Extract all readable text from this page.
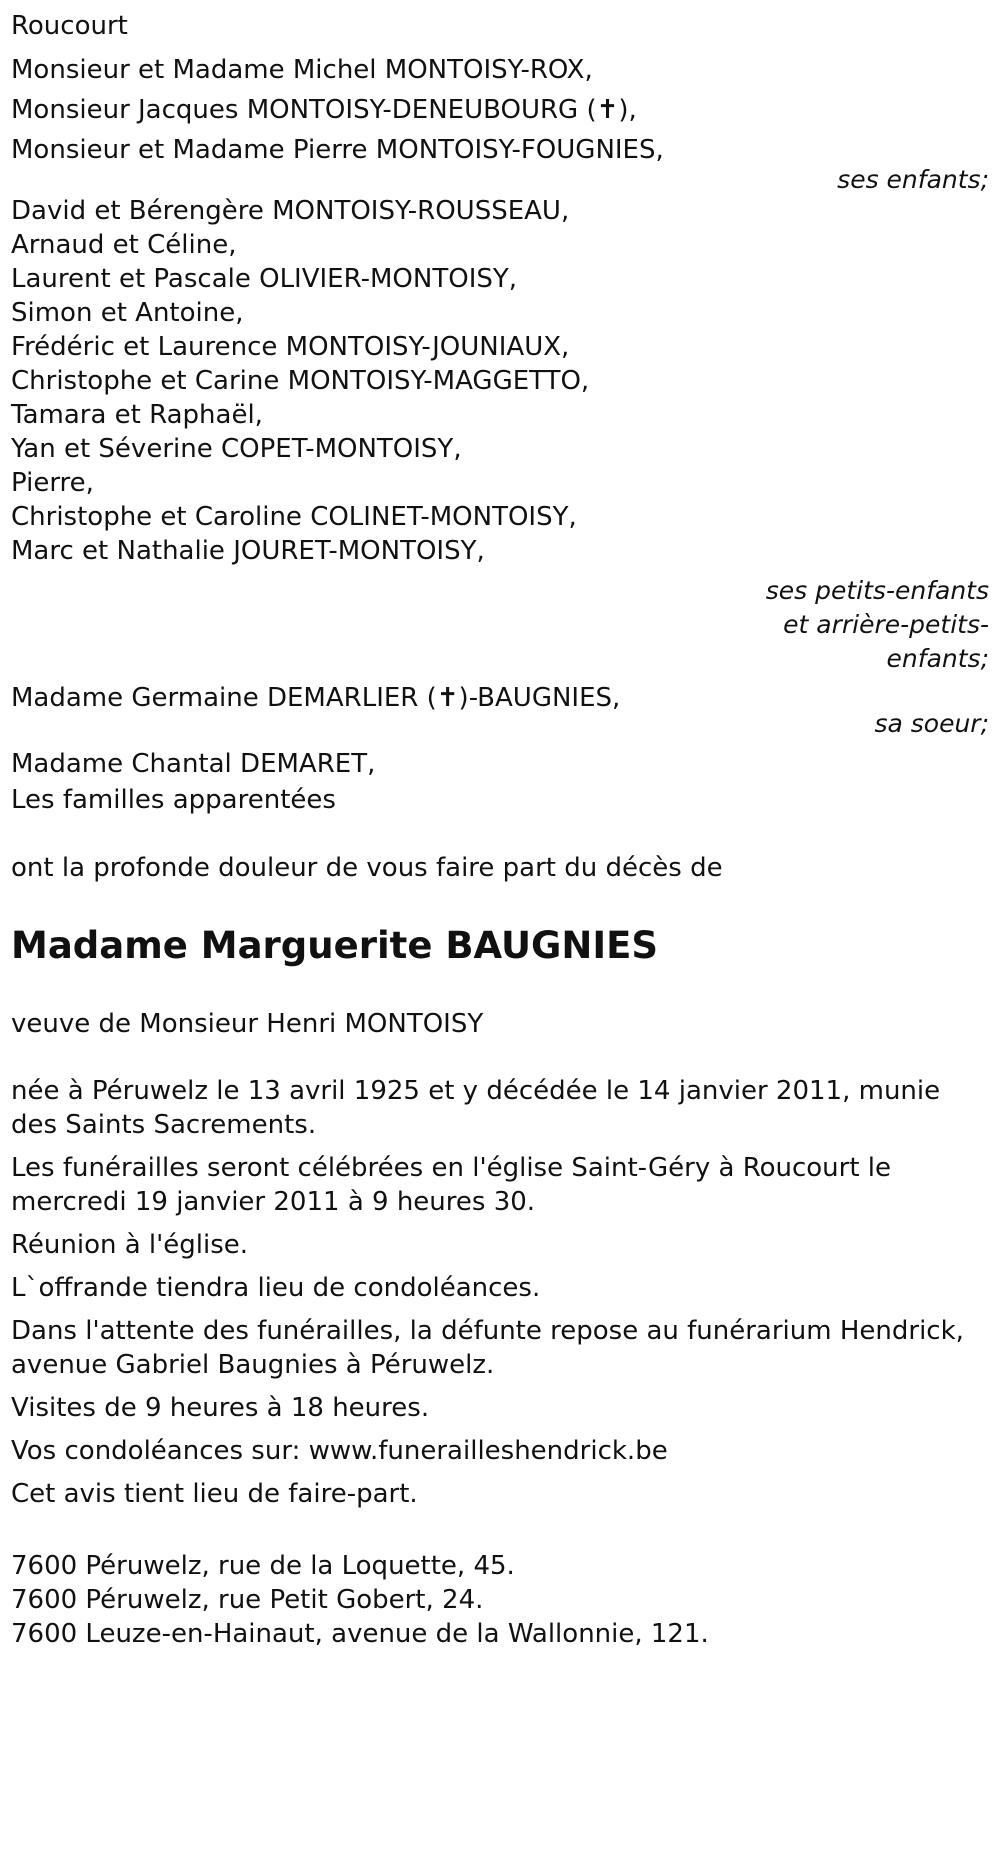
Roucourt
Monsieur et Madame Michel MONTOISY-ROX,
Monsieur Jacques MONTOISY-DENEUBOURG (✝),
Monsieur et Madame Pierre MONTOISY-FOUGNIES,
ses enfants;
David et Bérengère MONTOISY-ROUSSEAU,
Arnaud et Céline,
Laurent et Pascale OLIVIER-MONTOISY,
Simon et Antoine,
Frédéric et Laurence MONTOISY-JOUNIAUX,
Christophe et Carine MONTOISY-MAGGETTO,
Tamara et Raphaël,
Yan et Séverine COPET-MONTOISY,
Pierre,
Christophe et Caroline COLINET-MONTOISY,
Marc et Nathalie JOURET-MONTOISY,
ses petits-enfants
et arrière-petits-
enfants;
Madame Germaine DEMARLIER (✝)-BAUGNIES,
sa soeur;
Madame Chantal DEMARET,
Les familles apparentées
ont la profonde douleur de vous faire part du décès de
Madame Marguerite BAUGNIES
veuve de Monsieur Henri MONTOISY
née à Péruwelz le 13 avril 1925 et y décédée le 14 janvier 2011, munie des Saints Sacrements.
Les funérailles seront célébrées en l'église Saint-Géry à Roucourt le mercredi 19 janvier 2011 à 9 heures 30.
Réunion à l'église.
L`offrande tiendra lieu de condoléances.
Dans l'attente des funérailles, la défunte repose au funérarium Hendrick, avenue Gabriel Baugnies à Péruwelz.
Visites de 9 heures à 18 heures.
Vos condoléances sur: www.funerailleshendrick.be
Cet avis tient lieu de faire-part.
7600 Péruwelz, rue de la Loquette, 45.
7600 Péruwelz, rue Petit Gobert, 24.
7600 Leuze-en-Hainaut, avenue de la Wallonnie, 121.
